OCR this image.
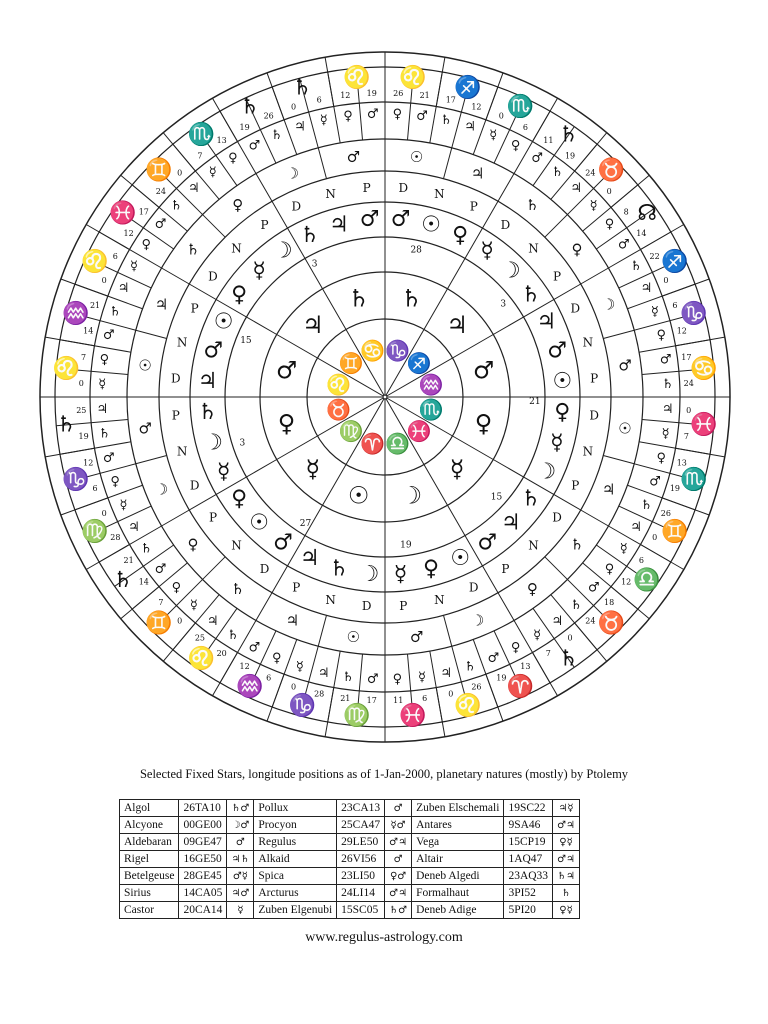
♌ ♐
♏
♄
♉
☊
♐
♑
♋
♓
♏
♊
♎
♉
♄
♈
♌
♓
♍
♑
♒
♌
♊
♄
♍
♑
♄
♌
♒
♌
♓
♊
♏
♄
♄ ♌
♀ ♂ ♄ ♃
☿
♀
♂
♄
♃
☿
♀
♂
♄
♃
☿
♀
♂
♄
♃
☿
♀
♂
♄
♃
☿
♀
♂
♄
♃
☿
♀
♂
♄
♃
☿
♀
♂
♄
♃
☿
♀
♂
♄
♃
☿
♀
♂
♄
♃
☿
♀
♂
♄
♃
☿
♀
♂
♄
♃
☿
♀
♂
♄
♃
☿
♀
♂
♄
♃ ☿ ♀ ♂
26 21
17
12
0
6
11
19
24
0
8
14
22
0
6
12
17
24
0
7
13
19
26
0
6
12
18
24
0
7
13
19
26
0
6
11
17
21
28
0
6
12
20
25
0
7
14
21
28
0
6
12
19
25
0
7
14
21
0
6
12
17
24
0
7
13
19
26
0
6
12 19
☉
♃
♄
♀
☽
♂
☉
♃
♄
♀
☽
♂
☉
♃
♄
♀
☽
♂
☉
♃
♄
♀
☽
♂
D N
P
D
N
P
D
N
P
D
N
P
D
N
P
D
N
P
D
N
P
D
N
P
D
N
P
D
N
P
D
N
P
D
N P
♂ ☉ ♀
☿
☽
♄
♃
♂
☉
♀
☿
☽
♄
♃
♂
☉
♀
☿
☽
♄
♃
♂
☉
♀
☿
☽
♄
♃
♂
☉
♀
☿
☽
♄ ♃ ♂
28
3
21
15
19
27
3
15
3
♄
♃
♂
♀
☿
☽
☉
☿
♀
♂
♃
♄
♑
♐
♒
♏
♓
♎
♈
♍
♉
♌
♊
♋
Selected Fixed Stars, longitude positions as of 1-Jan-2000, planetary natures (mostly) by Ptolemy
Algol	26TA10	♄♂	Pollux	23CA13	♂	Zuben Elschemali	19SC22	♃☿
Alcyone	00GE00	☽♂	Procyon	25CA47	☿♂	Antares	9SA46	♂♃
Aldebaran	09GE47	♂	Regulus	29LE50	♂♃	Vega	15CP19	♀☿
Rigel	16GE50	♃♄	Alkaid	26VI56	♂	Altair	1AQ47	♂♃
Betelgeuse	28GE45	♂☿	Spica	23LI50	♀♂	Deneb Algedi	23AQ33	♄♃
Sirius	14CA05	♃♂	Arcturus	24LI14	♂♃	Formalhaut	3PI52	♄
Castor	20CA14	☿	Zuben Elgenubi	15SC05	♄♂	Deneb Adige	5PI20	♀☿
www.regulus-astrology.com
